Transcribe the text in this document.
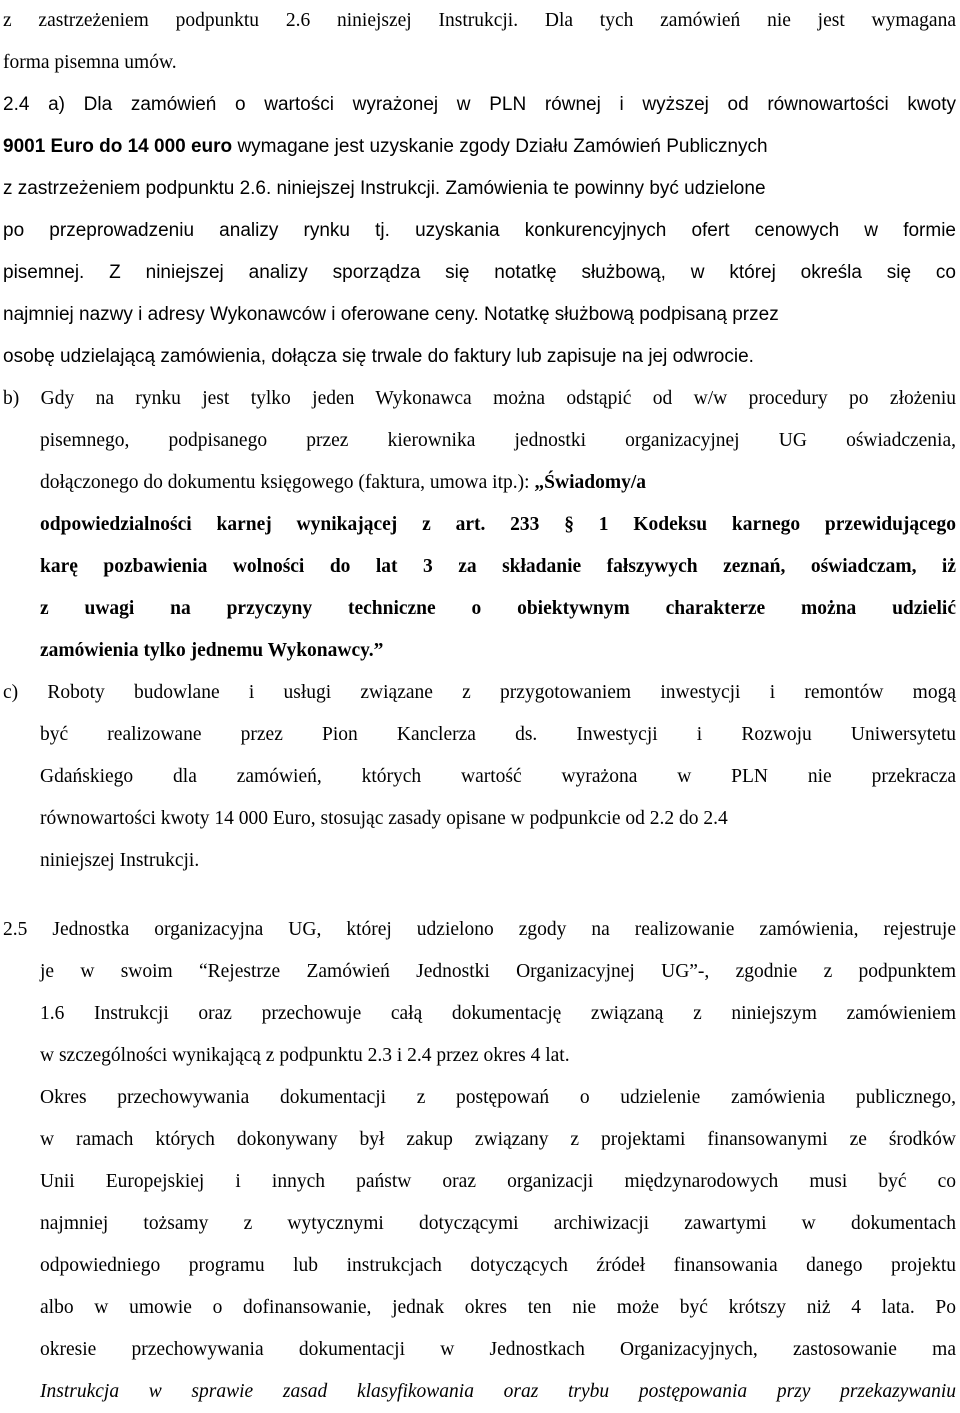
z zastrzeżeniem podpunktu 2.6 niniejszej Instrukcji. Dla tych zamówień nie jest wymagana
forma pisemna umów.
2.4 a) Dla zamówień o wartości wyrażonej w PLN równej i wyższej od równowartości kwoty
9001 Euro do 14 000 euro wymagane jest uzyskanie zgody Działu Zamówień Publicznych
z zastrzeżeniem podpunktu 2.6. niniejszej Instrukcji. Zamówienia te powinny być udzielone
po przeprowadzeniu analizy rynku tj. uzyskania konkurencyjnych ofert cenowych w formie
pisemnej. Z niniejszej analizy sporządza się notatkę służbową, w której określa się co
najmniej nazwy i adresy Wykonawców i oferowane ceny. Notatkę służbową podpisaną przez
osobę udzielającą zamówienia, dołącza się trwale do faktury lub zapisuje na jej odwrocie.
b) Gdy na rynku jest tylko jeden Wykonawca można odstąpić od w/w procedury po złożeniu
pisemnego, podpisanego przez kierownika jednostki organizacyjnej UG oświadczenia,
dołączonego do dokumentu księgowego (faktura, umowa itp.): „Świadomy/a
odpowiedzialności karnej wynikającej z art. 233 § 1 Kodeksu karnego przewidującego
karę pozbawienia wolności do lat 3 za składanie fałszywych zeznań, oświadczam, iż
z uwagi na przyczyny techniczne o obiektywnym charakterze można udzielić
zamówienia tylko jednemu Wykonawcy.”
c) Roboty budowlane i usługi związane z przygotowaniem inwestycji i remontów mogą
być realizowane przez Pion Kanclerza ds. Inwestycji i Rozwoju Uniwersytetu
Gdańskiego dla zamówień, których wartość wyrażona w PLN nie przekracza
równowartości kwoty 14 000 Euro, stosując zasady opisane w podpunkcie od 2.2 do 2.4
niniejszej Instrukcji.
2.5 Jednostka organizacyjna UG, której udzielono zgody na realizowanie zamówienia, rejestruje
je w swoim “Rejestrze Zamówień Jednostki Organizacyjnej UG”-, zgodnie z podpunktem
1.6 Instrukcji oraz przechowuje całą dokumentację związaną z niniejszym zamówieniem
w szczególności wynikającą z podpunktu 2.3 i 2.4 przez okres 4 lat.
Okres przechowywania dokumentacji z postępowań o udzielenie zamówienia publicznego,
w ramach których dokonywany był zakup związany z projektami finansowanymi ze środków
Unii Europejskiej i innych państw oraz organizacji międzynarodowych musi być co
najmniej tożsamy z wytycznymi dotyczącymi archiwizacji zawartymi w dokumentach
odpowiedniego programu lub instrukcjach dotyczących źródeł finansowania danego projektu
albo w umowie o dofinansowanie, jednak okres ten nie może być krótszy niż 4 lata. Po
okresie przechowywania dokumentacji w Jednostkach Organizacyjnych, zastosowanie ma
Instrukcja w sprawie zasad klasyfikowania oraz trybu postępowania przy przekazywaniu
